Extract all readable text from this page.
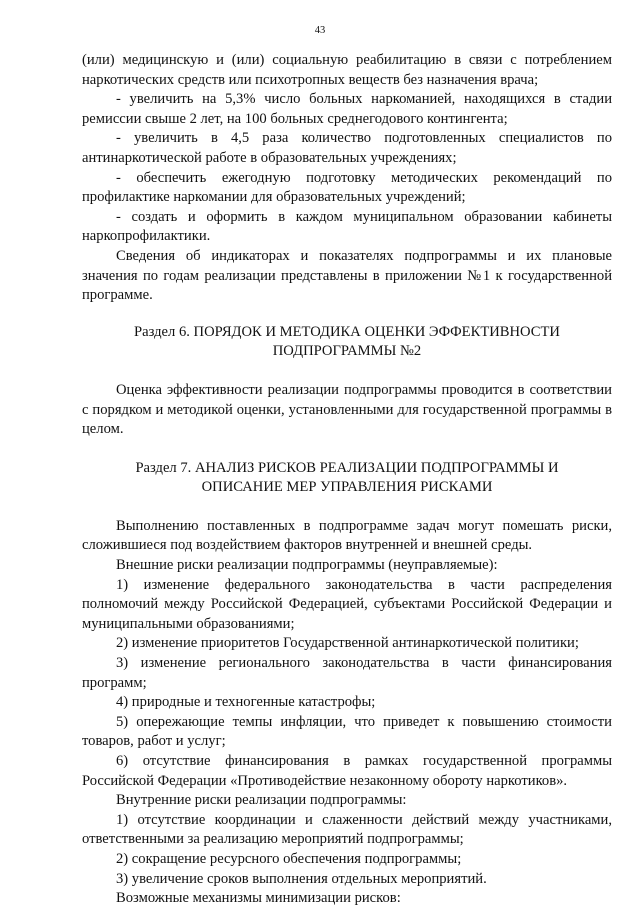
43

(или) медицинскую и (или) социальную реабилитацию в связи с потреблением наркотических средств или психотропных веществ без назначения врача;

- увеличить на 5,3% число больных наркоманией, находящихся в стадии ремиссии свыше 2 лет, на 100 больных среднегодового контингента;

- увеличить в 4,5 раза количество подготовленных специалистов по антинаркотической работе в образовательных учреждениях;

- обеспечить ежегодную подготовку методических рекомендаций по профилактике наркомании для образовательных учреждений;

- создать и оформить в каждом муниципальном образовании кабинеты наркопрофилактики.

Сведения об индикаторах и показателях подпрограммы и их плановые значения по годам реализации представлены в приложении №1 к государственной программе.

Раздел 6. ПОРЯДОК И МЕТОДИКА ОЦЕНКИ ЭФФЕКТИВНОСТИ

ПОДПРОГРАММЫ №2

Оценка эффективности реализации подпрограммы проводится в соответствии с порядком и методикой оценки, установленными для государственной программы в целом.

Раздел 7. АНАЛИЗ РИСКОВ РЕАЛИЗАЦИИ ПОДПРОГРАММЫ И

ОПИСАНИЕ МЕР УПРАВЛЕНИЯ РИСКАМИ

Выполнению поставленных в подпрограмме задач могут помешать риски, сложившиеся под воздействием факторов внутренней и внешней среды.

Внешние риски реализации подпрограммы (неуправляемые):

1) изменение федерального законодательства в части распределения полномочий между Российской Федерацией, субъектами Российской Федерации и муниципальными образованиями;

2) изменение приоритетов Государственной антинаркотической политики;

3) изменение регионального законодательства в части финансирования программ;

4) природные и техногенные катастрофы;

5) опережающие темпы инфляции, что приведет к повышению стоимости товаров, работ и услуг;

6) отсутствие финансирования в рамках государственной программы Российской Федерации «Противодействие незаконному обороту наркотиков».

Внутренние риски реализации подпрограммы:

1) отсутствие координации и слаженности действий между участниками, ответственными за реализацию мероприятий подпрограммы;

2) сокращение ресурсного обеспечения подпрограммы;

3) увеличение сроков выполнения отдельных мероприятий.

Возможные механизмы минимизации рисков:
